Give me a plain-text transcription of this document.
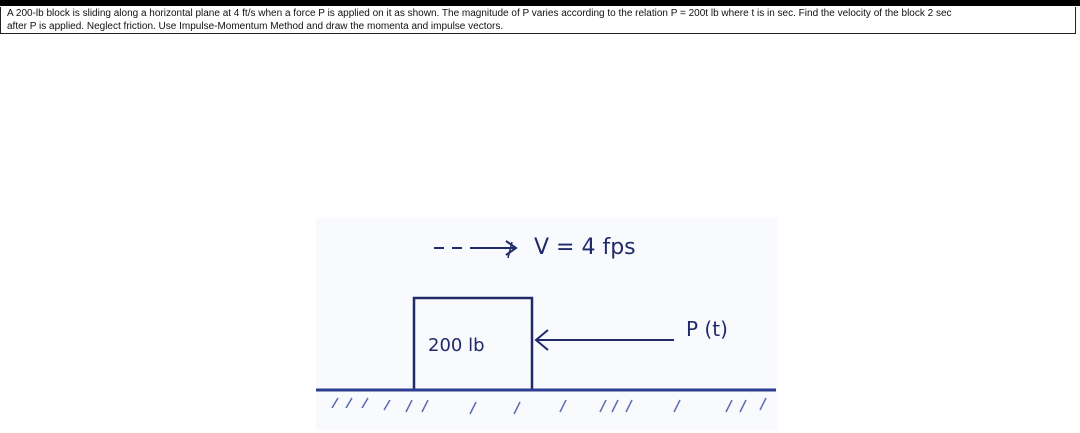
A 200-lb block is sliding along a horizontal plane at 4 ft/s when a force P is applied on it as shown. The magnitude of P varies according to the relation P = 200t lb where t is in sec. Find the velocity of the block 2 sec
after P is applied. Neglect friction. Use Impulse-Momentum Method and draw the momenta and impulse vectors.
V = 4 fps
200 lb
P (t)
